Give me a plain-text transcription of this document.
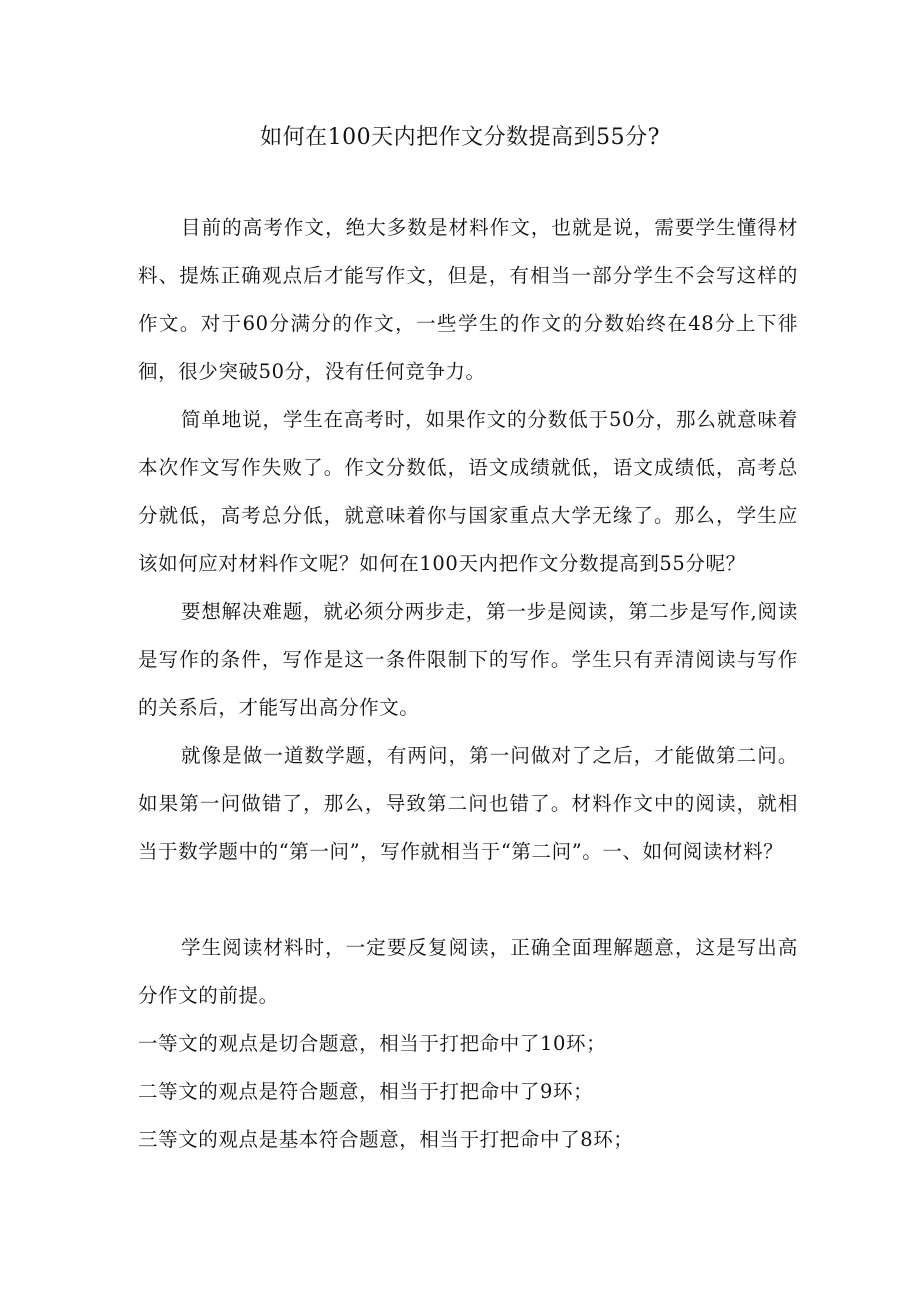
如何在100天内把作文分数提高到55分?

目前的高考作文，绝大多数是材料作文，也就是说，需要学生懂得材料、提炼正确观点后才能写作文，但是，有相当一部分学生不会写这样的作文。对于60分满分的作文，一些学生的作文的分数始终在48分上下徘徊，很少突破50分，没有任何竞争力。

简单地说，学生在高考时，如果作文的分数低于50分，那么就意味着本次作文写作失败了。作文分数低，语文成绩就低，语文成绩低，高考总分就低，高考总分低，就意味着你与国家重点大学无缘了。那么，学生应该如何应对材料作文呢？如何在100天内把作文分数提高到55分呢？

要想解决难题，就必须分两步走，第一步是阅读，第二步是写作,阅读是写作的条件，写作是这一条件限制下的写作。学生只有弄清阅读与写作的关系后，才能写出高分作文。

就像是做一道数学题，有两问，第一问做对了之后，才能做第二问。如果第一问做错了，那么，导致第二问也错了。材料作文中的阅读，就相当于数学题中的“第一问”，写作就相当于“第二问”。一、如何阅读材料？

学生阅读材料时，一定要反复阅读，正确全面理解题意，这是写出高分作文的前提。

一等文的观点是切合题意，相当于打把命中了10环；

二等文的观点是符合题意，相当于打把命中了9环；

三等文的观点是基本符合题意，相当于打把命中了8环；
